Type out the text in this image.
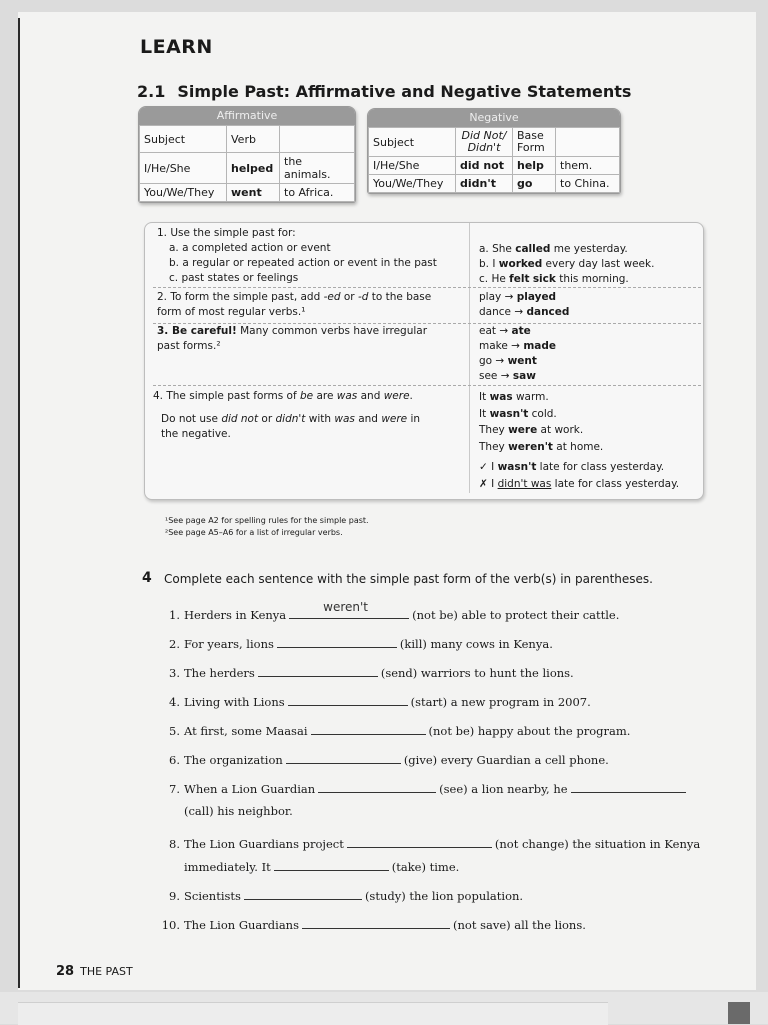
LEARN
2.1 Simple Past: Affirmative and Negative Statements
Affirmative
Subject	Verb	
I/He/She	helped	the animals.
You/We/They	went	to Africa.
Negative
Subject	Did Not/ Didn't	Base Form	
I/He/She	did not	help	them.
You/We/They	didn't	go	to China.
1. Use the simple past for:
a. a completed action or event
b. a regular or repeated action or event in the past
c. past states or feelings
a. She called me yesterday.
b. I worked every day last week.
c. He felt sick this morning.
2. To form the simple past, add -ed or -d to the base form of most regular verbs.¹
play → played
dance → danced
3. Be careful! Many common verbs have irregular past forms.²
eat → ate
make → made
go → went
see → saw
4. The simple past forms of be are was and were.
Do not use did not or didn't with was and were in the negative.
It was warm.
It wasn't cold.
They were at work.
They weren't at home.
✓ I wasn't late for class yesterday.
✗ I didn't was late for class yesterday.
¹See page A2 for spelling rules for the simple past.
²See page A5–A6 for a list of irregular verbs.
4 Complete each sentence with the simple past form of the verb(s) in parentheses.
1. Herders in Kenya
weren't
(not be) able to protect their cattle.
2. For years, lions	(kill) many cows in Kenya.
3. The herders	(send) warriors to hunt the lions.
4. Living with Lions	(start) a new program in 2007.
5. At first, some Maasai	(not be) happy about the program.
6. The organization	(give) every Guardian a cell phone.
7. When a Lion Guardian	(see) a lion nearby, he
(call) his neighbor.
8. The Lion Guardians project	(not change) the situation in Kenya
immediately. It	(take) time.
9. Scientists	(study) the lion population.
10. The Lion Guardians	(not save) all the lions.
28 THE PAST
